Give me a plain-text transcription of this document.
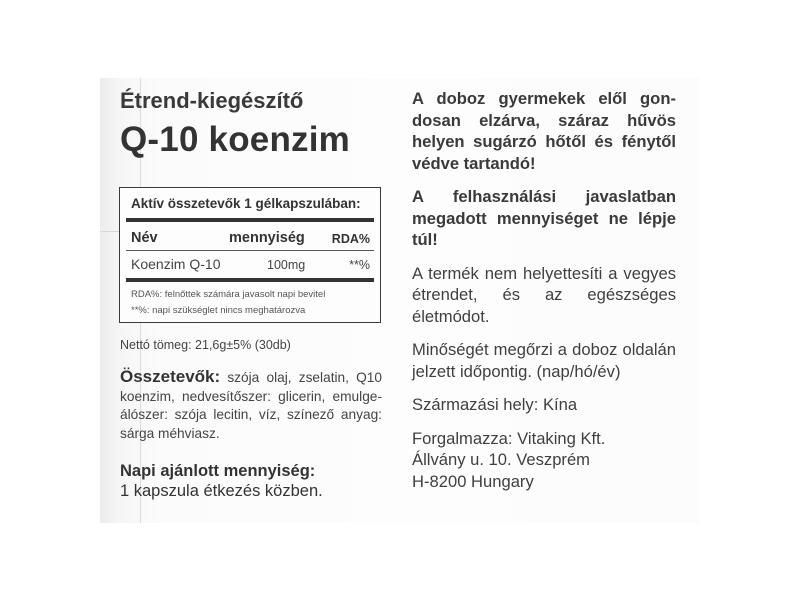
Étrend-kiegészítő
Q-10 koenzim
Aktív összetevők 1 gélkapszulában:
Név	mennyiség RDA%
Koenzim Q-10	100mg	**%
RDA%: felnőttek számára javasolt napi bevitel
**%: napi szükséglet nincs meghatározva
Nettó tömeg: 21,6g±5% (30db)
Összetevők: szója olaj, zselatin, Q10 koenzim, nedvesítőszer: glicerin, emulgeálószer: szója lecitin, víz, színező anyag: sárga méhviasz.
Napi ajánlott mennyiség:
1 kapszula étkezés közben.

A doboz gyermekek elől gondosan elzárva, száraz hűvös helyen sugárzó hőtől és fénytől védve tartandó!

A felhasználási javaslatban megadott mennyiséget ne lépje túl!

A termék nem helyettesíti a vegyes étrendet, és az egészséges életmódot.

Minőségét megőrzi a doboz oldalán jelzett időpontig. (nap/hó/év)

Származási hely: Kína

Forgalmazza: Vitaking Kft.
Állvány u. 10. Veszprém
H-8200 Hungary
